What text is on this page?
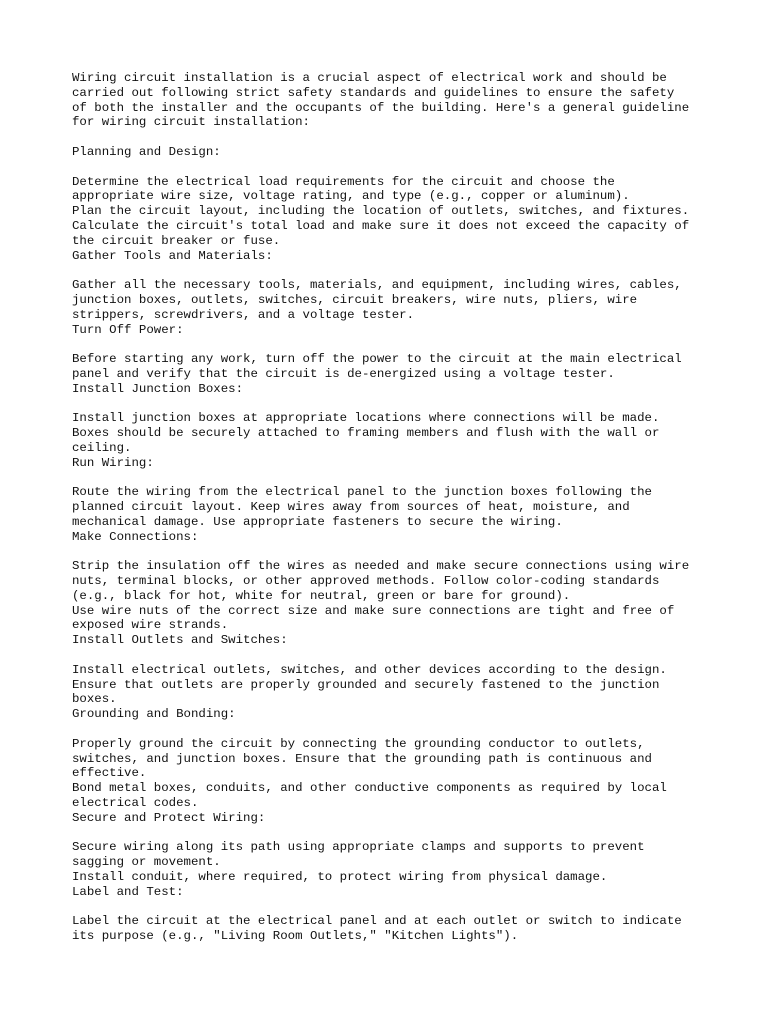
Wiring circuit installation is a crucial aspect of electrical work and should be
carried out following strict safety standards and guidelines to ensure the safety
of both the installer and the occupants of the building. Here's a general guideline
for wiring circuit installation:

Planning and Design:

Determine the electrical load requirements for the circuit and choose the
appropriate wire size, voltage rating, and type (e.g., copper or aluminum).
Plan the circuit layout, including the location of outlets, switches, and fixtures.
Calculate the circuit's total load and make sure it does not exceed the capacity of
the circuit breaker or fuse.

Gather Tools and Materials:

Gather all the necessary tools, materials, and equipment, including wires, cables,
junction boxes, outlets, switches, circuit breakers, wire nuts, pliers, wire
strippers, screwdrivers, and a voltage tester.

Turn Off Power:

Before starting any work, turn off the power to the circuit at the main electrical
panel and verify that the circuit is de-energized using a voltage tester.

Install Junction Boxes:

Install junction boxes at appropriate locations where connections will be made.
Boxes should be securely attached to framing members and flush with the wall or
ceiling.

Run Wiring:

Route the wiring from the electrical panel to the junction boxes following the
planned circuit layout. Keep wires away from sources of heat, moisture, and
mechanical damage. Use appropriate fasteners to secure the wiring.

Make Connections:

Strip the insulation off the wires as needed and make secure connections using wire
nuts, terminal blocks, or other approved methods. Follow color-coding standards
(e.g., black for hot, white for neutral, green or bare for ground).
Use wire nuts of the correct size and make sure connections are tight and free of
exposed wire strands.

Install Outlets and Switches:

Install electrical outlets, switches, and other devices according to the design.
Ensure that outlets are properly grounded and securely fastened to the junction
boxes.

Grounding and Bonding:

Properly ground the circuit by connecting the grounding conductor to outlets,
switches, and junction boxes. Ensure that the grounding path is continuous and
effective.
Bond metal boxes, conduits, and other conductive components as required by local
electrical codes.

Secure and Protect Wiring:

Secure wiring along its path using appropriate clamps and supports to prevent
sagging or movement.
Install conduit, where required, to protect wiring from physical damage.

Label and Test:

Label the circuit at the electrical panel and at each outlet or switch to indicate
its purpose (e.g., "Living Room Outlets," "Kitchen Lights").
